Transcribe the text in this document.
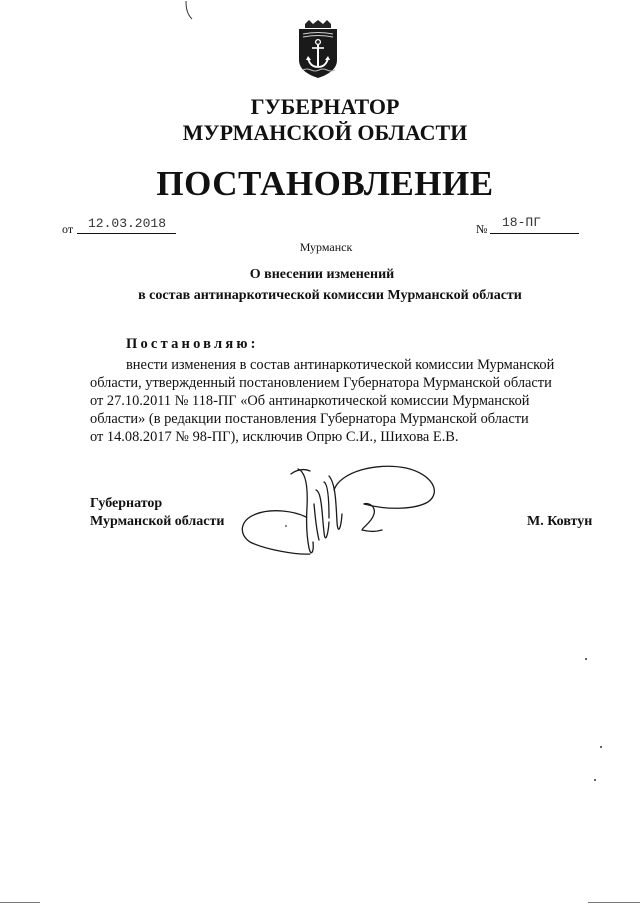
ГУБЕРНАТОР
МУРМАНСКОЙ ОБЛАСТИ
ПОСТАНОВЛЕНИЕ
от 12.03.2018	№ 18-ПГ
Мурманск
О внесении изменений
в состав антинаркотической комиссии Мурманской области
Постановляю:
внести изменения в состав антинаркотической комиссии Мурманской
области, утвержденный постановлением Губернатора Мурманской области
от 27.10.2011 № 118-ПГ «Об антинаркотической комиссии Мурманской
области» (в редакции постановления Губернатора Мурманской области
от 14.08.2017 № 98-ПГ), исключив Опрю С.И., Шихова Е.В.
Губернатор
Мурманской области	М. Ковтун
